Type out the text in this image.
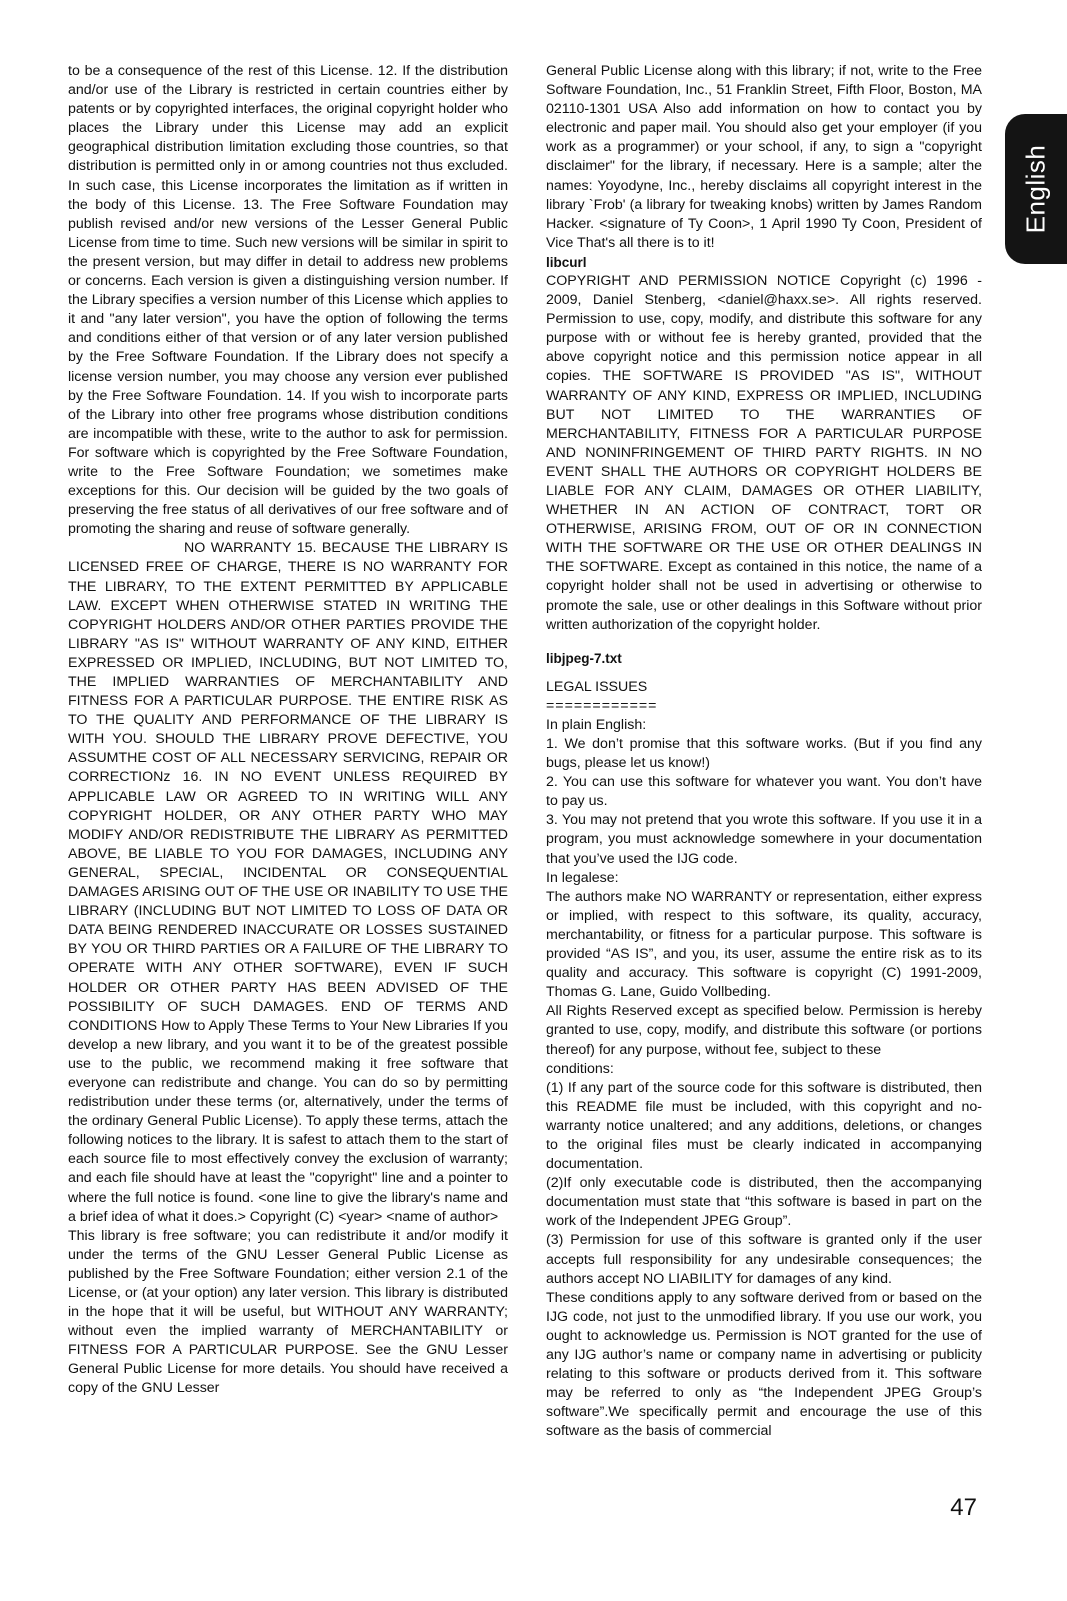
to be a consequence of the rest of this License. 12. If the distribution and/or use of the Library is restricted in certain countries either by patents or by copyrighted interfaces, the original copyright holder who places the Library under this License may add an explicit geographical distribution limitation excluding those countries, so that distribution is permitted only in or among countries not thus excluded. In such case, this License incorporates the limitation as if written in the body of this License. 13. The Free Software Foundation may publish revised and/or new versions of the Lesser General Public License from time to time. Such new versions will be similar in spirit to the present version, but may differ in detail to address new problems or concerns. Each version is given a distinguishing version number. If the Library specifies a version number of this License which applies to it and "any later version", you have the option of following the terms and conditions either of that version or of any later version published by the Free Software Foundation. If the Library does not specify a license version number, you may choose any version ever published by the Free Software Foundation. 14. If you wish to incorporate parts of the Library into other free programs whose distribution conditions are incompatible with these, write to the author to ask for permission. For software which is copyrighted by the Free Software Foundation, write to the Free Software Foundation; we sometimes make exceptions for this. Our decision will be guided by the two goals of preserving the free status of all derivatives of our free software and of promoting the sharing and reuse of software generally.

NO WARRANTY 15. BECAUSE THE LIBRARY IS LICENSED FREE OF CHARGE, THERE IS NO WARRANTY FOR THE LIBRARY, TO THE EXTENT PERMITTED BY APPLICABLE LAW. EXCEPT WHEN OTHERWISE STATED IN WRITING THE COPYRIGHT HOLDERS AND/OR OTHER PARTIES PROVIDE THE LIBRARY "AS IS" WITHOUT WARRANTY OF ANY KIND, EITHER EXPRESSED OR IMPLIED, INCLUDING, BUT NOT LIMITED TO, THE IMPLIED WARRANTIES OF MERCHANTABILITY AND FITNESS FOR A PARTICULAR PURPOSE. THE ENTIRE RISK AS TO THE QUALITY AND PERFORMANCE OF THE LIBRARY IS WITH YOU. SHOULD THE LIBRARY PROVE DEFECTIVE, YOU ASSUMTHE COST OF ALL NECESSARY SERVICING, REPAIR OR CORRECTIONz 16. IN NO EVENT UNLESS REQUIRED BY APPLICABLE LAW OR AGREED TO IN WRITING WILL ANY COPYRIGHT HOLDER, OR ANY OTHER PARTY WHO MAY MODIFY AND/OR REDISTRIBUTE THE LIBRARY AS PERMITTED ABOVE, BE LIABLE TO YOU FOR DAMAGES, INCLUDING ANY GENERAL, SPECIAL, INCIDENTAL OR CONSEQUENTIAL DAMAGES ARISING OUT OF THE USE OR INABILITY TO USE THE LIBRARY (INCLUDING BUT NOT LIMITED TO LOSS OF DATA OR DATA BEING RENDERED INACCURATE OR LOSSES SUSTAINED BY YOU OR THIRD PARTIES OR A FAILURE OF THE LIBRARY TO OPERATE WITH ANY OTHER SOFTWARE), EVEN IF SUCH HOLDER OR OTHER PARTY HAS BEEN ADVISED OF THE POSSIBILITY OF SUCH DAMAGES. END OF TERMS AND CONDITIONS How to Apply These Terms to Your New Libraries If you develop a new library, and you want it to be of the greatest possible use to the public, we recommend making it free software that everyone can redistribute and change. You can do so by permitting redistribution under these terms (or, alternatively, under the terms of the ordinary General Public License). To apply these terms, attach the following notices to the library. It is safest to attach them to the start of each source file to most effectively convey the exclusion of warranty; and each file should have at least the "copyright" line and a pointer to where the full notice is found. <one line to give the library's name and a brief idea of what it does.> Copyright (C) <year> <name of author>

This library is free software; you can redistribute it and/or modify it under the terms of the GNU Lesser General Public License as published by the Free Software Foundation; either version 2.1 of the License, or (at your option) any later version. This library is distributed in the hope that it will be useful, but WITHOUT ANY WARRANTY; without even the implied warranty of MERCHANTABILITY or FITNESS FOR A PARTICULAR PURPOSE. See the GNU Lesser General Public License for more details. You should have received a copy of the GNU Lesser

General Public License along with this library; if not, write to the Free Software Foundation, Inc., 51 Franklin Street, Fifth Floor, Boston, MA 02110-1301 USA Also add information on how to contact you by electronic and paper mail. You should also get your employer (if you work as a programmer) or your school, if any, to sign a "copyright disclaimer" for the library, if necessary. Here is a sample; alter the names: Yoyodyne, Inc., hereby disclaims all copyright interest in the library `Frob' (a library for tweaking knobs) written by James Random Hacker. <signature of Ty Coon>, 1 April 1990 Ty Coon, President of Vice That's all there is to it!

libcurl

COPYRIGHT AND PERMISSION NOTICE Copyright (c) 1996 - 2009, Daniel Stenberg, <daniel@haxx.se>. All rights reserved. Permission to use, copy, modify, and distribute this software for any purpose with or without fee is hereby granted, provided that the above copyright notice and this permission notice appear in all copies. THE SOFTWARE IS PROVIDED "AS IS", WITHOUT WARRANTY OF ANY KIND, EXPRESS OR IMPLIED, INCLUDING BUT NOT LIMITED TO THE WARRANTIES OF MERCHANTABILITY, FITNESS FOR A PARTICULAR PURPOSE AND NONINFRINGEMENT OF THIRD PARTY RIGHTS. IN NO EVENT SHALL THE AUTHORS OR COPYRIGHT HOLDERS BE LIABLE FOR ANY CLAIM, DAMAGES OR OTHER LIABILITY, WHETHER IN AN ACTION OF CONTRACT, TORT OR OTHERWISE, ARISING FROM, OUT OF OR IN CONNECTION WITH THE SOFTWARE OR THE USE OR OTHER DEALINGS IN THE SOFTWARE. Except as contained in this notice, the name of a copyright holder shall not be used in advertising or otherwise to promote the sale, use or other dealings in this Software without prior written authorization of the copyright holder.

libjpeg-7.txt

LEGAL ISSUES

============

In plain English:

1. We don’t promise that this software works. (But if you find any bugs, please let us know!)

2. You can use this software for whatever you want. You don’t have to pay us.

3. You may not pretend that you wrote this software. If you use it in a program, you must acknowledge somewhere in your documentation that you’ve used the IJG code.

In legalese:

The authors make NO WARRANTY or representation, either express or implied, with respect to this software, its quality, accuracy, merchantability, or fitness for a particular purpose. This software is provided “AS IS”, and you, its user, assume the entire risk as to its quality and accuracy. This software is copyright (C) 1991-2009, Thomas G. Lane, Guido Vollbeding.

All Rights Reserved except as specified below. Permission is hereby granted to use, copy, modify, and distribute this software (or portions thereof) for any purpose, without fee, subject to these

conditions:

(1) If any part of the source code for this software is distributed, then this README file must be included, with this copyright and no-warranty notice unaltered; and any additions, deletions, or changes to the original files must be clearly indicated in accompanying documentation.

(2)If only executable code is distributed, then the accompanying documentation must state that “this software is based in part on the work of the Independent JPEG Group”.

(3) Permission for use of this software is granted only if the user accepts full responsibility for any undesirable consequences; the authors accept NO LIABILITY for damages of any kind.

These conditions apply to any software derived from or based on the IJG code, not just to the unmodified library. If you use our work, you ought to acknowledge us. Permission is NOT granted for the use of any IJG author’s name or company name in advertising or publicity relating to this software or products derived from it. This software may be referred to only as “the Independent JPEG Group’s software”.We specifically permit and encourage the use of this software as the basis of commercial

English
47
